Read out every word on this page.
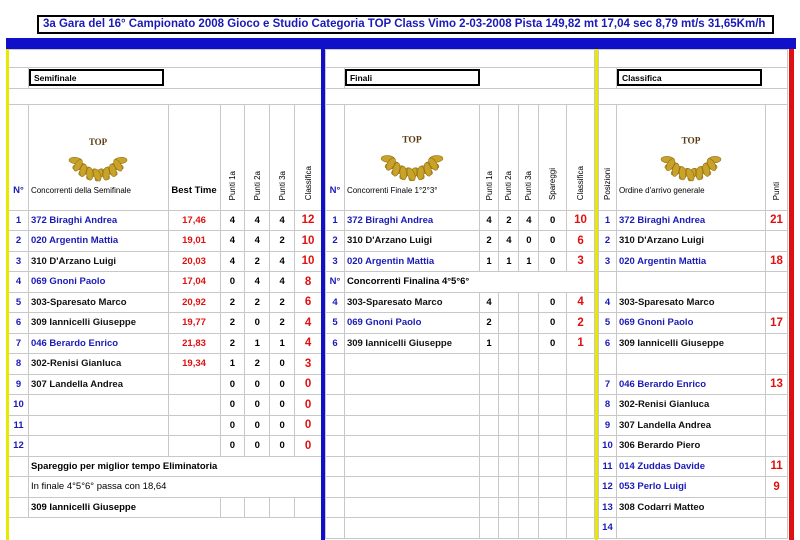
3a Gara del 16° Campionato 2008 Gioco e Studio Categoria TOP Class Vimo 2-03-2008 Pista 149,82 mt 17,04 sec 8,79 mt/s 31,65Km/h

	Semifinale					

N°	TOP
Concorrenti della Semifinale	Best Time	Punti 1a	Punti 2a	Punti 3a	Classifica
1	372 Biraghi Andrea	17,46	4	4	4	12
2	020 Argentin Mattia	19,01	4	4	2	10
3	310 D'Arzano Luigi	20,03	4	2	4	10
4	069 Gnoni Paolo	17,04	0	4	4	8
5	303-Sparesato Marco	20,92	2	2	2	6
6	309 Iannicelli Giuseppe	19,77	2	0	2	4
7	046 Berardo Enrico	21,83	2	1	1	4
8	302-Renisi Gianluca	19,34	1	2	0	3
9	307 Landella Andrea		0	0	0	0
10			0	0	0	0
11			0	0	0	0
12			0	0	0	0
	Spareggio per miglior tempo Eliminatoria					
	In finale 4°5°6° passa con 18,64					
	309 Iannicelli Giuseppe					

	Finali					

N°	TOP
Concorrenti Finale 1°2°3°	Punti 1a	Punti 2a	Punti 3a	Spareggi	Classifica
1	372 Biraghi Andrea	4	2	4	0	10
2	310 D'Arzano Luigi	2	4	0	0	6
3	020 Argentin Mattia	1	1	1	0	3
N°	Concorrenti Finalina 4°5°6°					
4	303-Sparesato Marco	4			0	4
5	069 Gnoni Paolo	2			0	2
6	309 Iannicelli Giuseppe	1			0	1

	Classifica	

Posizioni	TOP
Ordine d'arrivo generale	Punti
1	372 Biraghi Andrea	21
2	310 D'Arzano Luigi	
3	020 Argentin Mattia	18

4	303-Sparesato Marco	
5	069 Gnoni Paolo	17
6	309 Iannicelli Giuseppe	

7	046 Berardo Enrico	13
8	302-Renisi Gianluca	
9	307 Landella Andrea	
10	306 Berardo Piero	
11	014 Zuddas Davide	11
12	053 Perlo Luigi	9
13	308 Codarri Matteo	
14		
